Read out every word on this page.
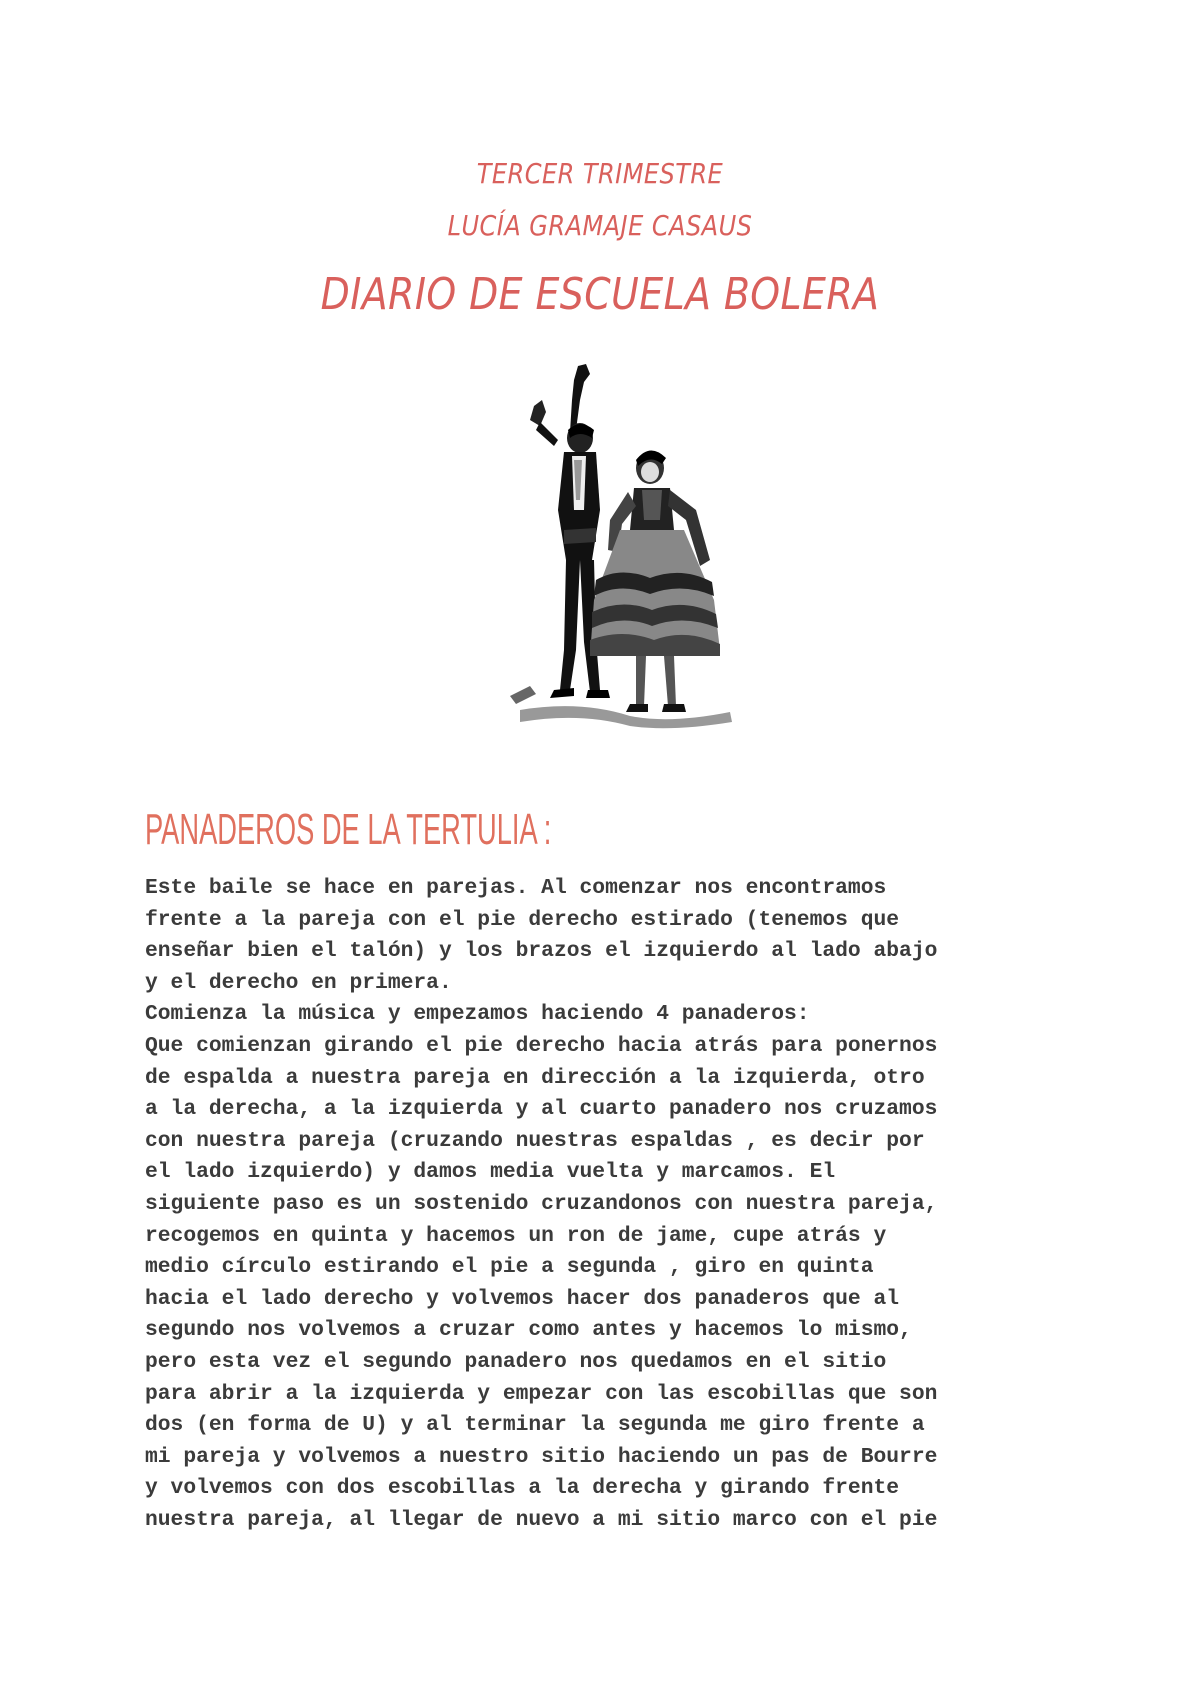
TERCER TRIMESTRE
LUCÍA GRAMAJE CASAUS
DIARIO DE ESCUELA BOLERA
PANADEROS DE LA TERTULIA :
Este baile se hace en parejas. Al comenzar nos encontramos
frente a la pareja con el pie derecho estirado (tenemos que
enseñar bien el talón) y los brazos el izquierdo al lado abajo
y el derecho en primera.
Comienza la música y empezamos haciendo 4 panaderos:
Que comienzan girando el pie derecho hacia atrás para ponernos
de espalda a nuestra pareja en dirección a la izquierda, otro
a la derecha, a la izquierda y al cuarto panadero nos cruzamos
con nuestra pareja (cruzando nuestras espaldas , es decir por
el lado izquierdo) y damos media vuelta y marcamos. El
siguiente paso es un sostenido cruzandonos con nuestra pareja,
recogemos en quinta y hacemos un ron de jame, cupe atrás y
medio círculo estirando el pie a segunda , giro en quinta
hacia el lado derecho y volvemos hacer dos panaderos que al
segundo nos volvemos a cruzar como antes y hacemos lo mismo,
pero esta vez el segundo panadero nos quedamos en el sitio
para abrir a la izquierda y empezar con las escobillas que son
dos (en forma de U) y al terminar la segunda me giro frente a
mi pareja y volvemos a nuestro sitio haciendo un pas de Bourre
y volvemos con dos escobillas a la derecha y girando frente
nuestra pareja, al llegar de nuevo a mi sitio marco con el pie
